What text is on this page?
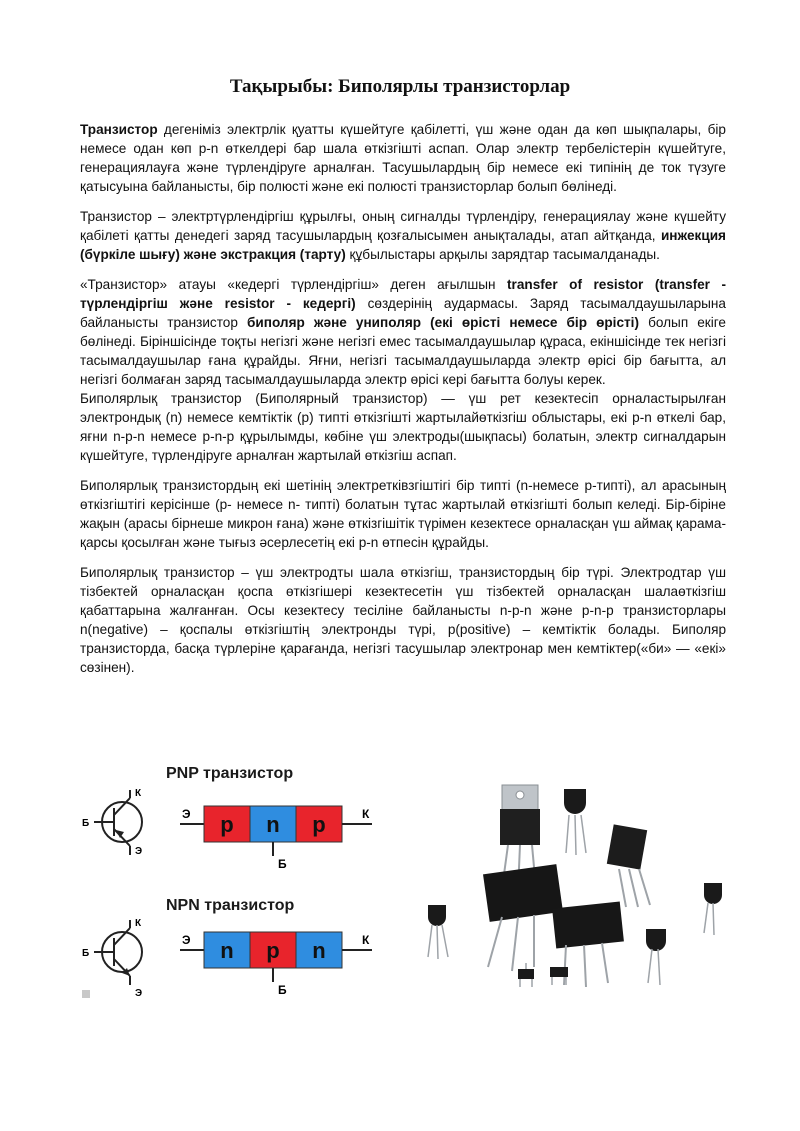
Тақырыбы: Биполярлы транзисторлар

Транзистор дегеніміз электрлік қуатты күшейтуге қабілетті, үш және одан да көп шықпалары, бір немесе одан көп p-n өткелдері бар шала өткізгішті аспап. Олар электр тербелістерін күшейтуге, генерациялауға және түрлендіруге арналған. Тасушылардың бір немесе екі типінің де ток түзуге қатысуына байланысты, бір полюсті және екі полюсті транзисторлар болып бөлінеді.

Транзистор – электртүрлендіргіш құрылғы, оның сигналды түрлендіру, генерациялау және күшейту қабілеті қатты денедегі заряд тасушылардың қозғалысымен анықталады, атап айтқанда, инжекция (бүркіле шығу) және экстракция (тарту) құбылыстары арқылы зарядтар тасымалданады.

«Транзистор» атауы «кедергі түрлендіргіш» деген ағылшын transfer of resistor (transfer - түрлендіргіш және resistor - кедергі) сөздерінің аудармасы. Заряд тасымалдаушыларына байланысты транзистор биполяр және униполяр (екі өрісті немесе бір өрісті) болып екіге бөлінеді. Біріншісінде тоқты негізгі және негізгі емес тасымалдаушылар құраса, екіншісінде тек негізгі тасымалдаушылар ғана құрайды. Яғни, негізгі тасымалдаушыларда электр өрісі бір бағытта, ал негізгі болмаған заряд тасымалдаушыларда электр өрісі кері бағытта болуы керек.

Биполярлық транзистор (Биполярный транзистор) — үш рет кезектесіп орналастырылған электрондық (n) немесе кемтіктік (p) типті өткізгішті жартылайөткізгіш облыстары, екі p-n өткелі бар, яғни n-p-n немесе p-n-p құрылымды, көбіне үш электроды(шықпасы) болатын, электр сигналдарын күшейтуге, түрлендіруге арналған жартылай өткізгіш аспап.

Биполярлық транзистордың екі шетінің электретківзгіштігі бір типті (n-немесе p-типті), ал арасының өткізгіштігі керісінше (p- немесе n- типті) болатын тұтас жартылай өткізгішті болып келеді. Бір-біріне жақын (арасы бірнеше микрон ғана) және өткізгішітік түрімен кезектесе орналасқан үш аймақ қарама-қарсы қосылған және тығыз әсерлесетің екі p-n өтпесін құрайды.

Биполярлық транзистор – үш электродты шала өткізгіш, транзистордың бір түрі. Электродтар үш тізбектей орналасқан қоспа өткізгішері кезектесетін үш тізбектей орналасқан шалаөткізгіш қабаттарына жалғанған. Осы кезектесу тесіліне байланысты n-p-n және p-n-p транзисторлары n(negative) – қоспалы өткізгіштің электронды түрі, p(positive) – кемтіктік болады. Биполяр транзисторда, басқа түрлеріне қарағанда, негізгі тасушылар электронар мен кемтіктер(«би» — «екі» сөзінен).

PNP транзистор
Б
К
Э
Э p n p	К
Б
NPN транзистор
Б
К
Э
Э n p n	К
Б
